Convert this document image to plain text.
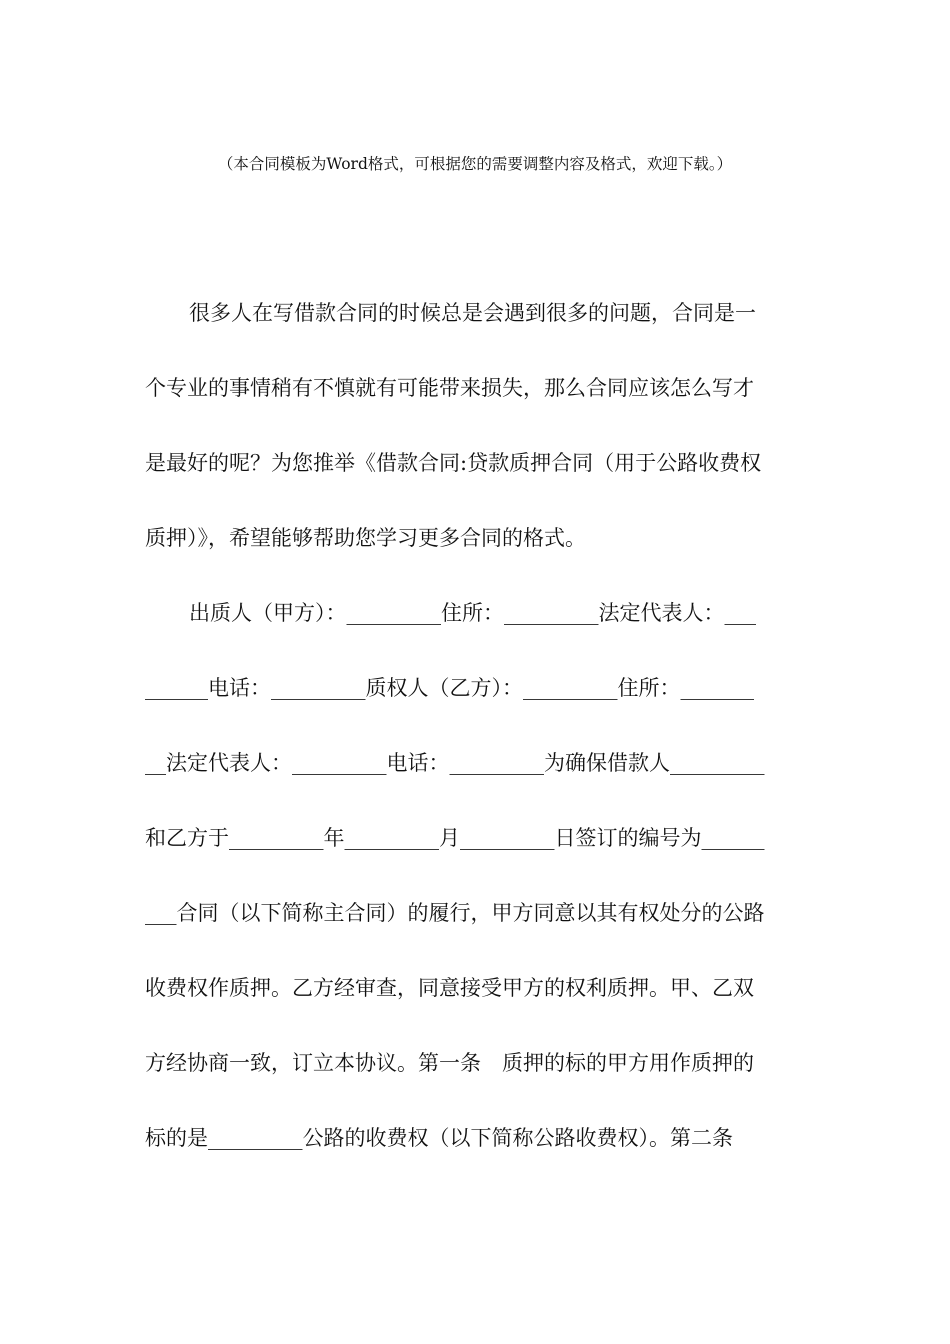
（本合同模板为Word格式，可根据您的需要调整内容及格式，欢迎下载。）
很多人在写借款合同的时候总是会遇到很多的问题，合同是一
个专业的事情稍有不慎就有可能带来损失，那么合同应该怎么写才
是最好的呢？为您推举《借款合同:贷款质押合同（用于公路收费权
质押）》，希望能够帮助您学习更多合同的格式。
出质人（甲方）：_________住所：_________法定代表人：___
______电话：_________质权人（乙方）：_________住所：_______
__法定代表人：_________电话：_________为确保借款人_________
和乙方于_________年_________月_________日签订的编号为______
___合同（以下简称主合同）的履行，甲方同意以其有权处分的公路
收费权作质押。乙方经审查，同意接受甲方的权利质押。甲、乙双
方经协商一致，订立本协议。第一条　质押的标的甲方用作质押的
标的是_________公路的收费权（以下简称公路收费权）。第二条
